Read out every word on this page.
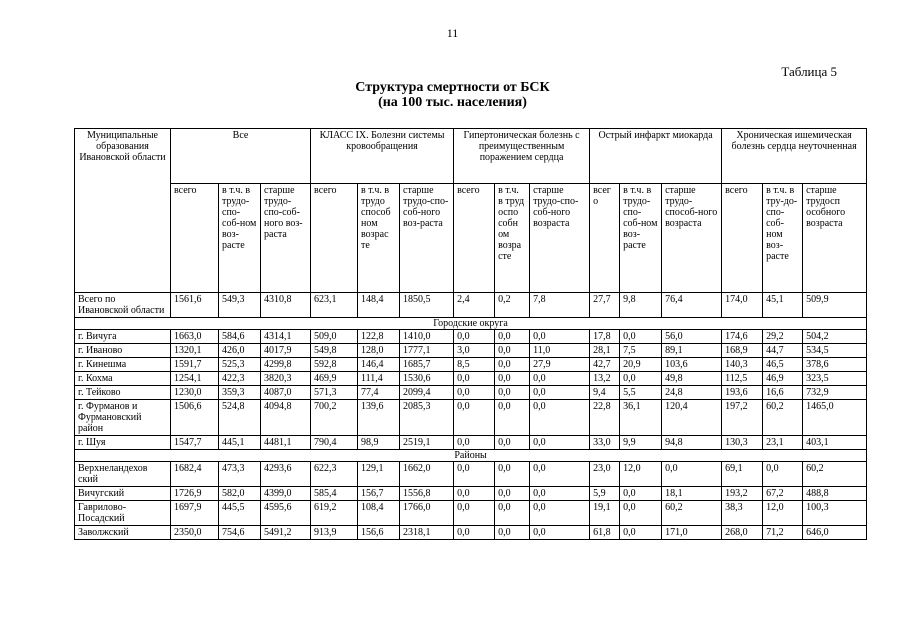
11
Таблица 5
Структура смертности от БСК
(на 100 тыс. населения)
Муниципальные образования Ивановской области	Все			КЛАСС IX. Болезни системы кровообращения			Гипертоническая болезнь с преимущественным поражением сердца			Острый инфаркт миокарда			Хроническая ишемическая болезнь сердца неуточненная		
	всего	в т.ч. в трудо-спо-соб-ном воз-расте	старше трудо-спо-соб-ного воз-раста	всего	в т.ч. в трудо способ ном возрас те	старше трудо-спо-соб-ного воз-раста	всего	в т.ч. в труд оспо собн ом возра сте	старше трудо-спо-соб-ного возраста	всег о	в т.ч. в трудо-спо-соб-ном воз-расте	старше трудо-способ-ного возраста	всего	в т.ч. в тру-до-спо-соб-ном воз-расте	старше трудосп особного возраста
Всего по Ивановской области	1561,6	549,3	4310,8	623,1	148,4	1850,5	2,4	0,2	7,8	27,7	9,8	76,4	174,0	45,1	509,9
Городские округа															
г. Вичуга	1663,0	584,6	4314,1	509,0	122,8	1410,0	0,0	0,0	0,0	17,8	0,0	56,0	174,6	29,2	504,2
г. Иваново	1320,1	426,0	4017,9	549,8	128,0	1777,1	3,0	0,0	11,0	28,1	7,5	89,1	168,9	44,7	534,5
г. Кинешма	1591,7	525,3	4299,8	592,8	146,4	1685,7	8,5	0,0	27,9	42,7	20,9	103,6	140,3	46,5	378,6
г. Кохма	1254,1	422,3	3820,3	469,9	111,4	1530,6	0,0	0,0	0,0	13,2	0,0	49,8	112,5	46,9	323,5
г. Тейково	1230,0	359,3	4087,0	571,3	77,4	2099,4	0,0	0,0	0,0	9,4	5,5	24,8	193,6	16,6	732,9
г. Фурманов и Фурмановский район	1506,6	524,8	4094,8	700,2	139,6	2085,3	0,0	0,0	0,0	22,8	36,1	120,4	197,2	60,2	1465,0
г. Шуя	1547,7	445,1	4481,1	790,4	98,9	2519,1	0,0	0,0	0,0	33,0	9,9	94,8	130,3	23,1	403,1
Районы															
Верхнеландехов ский	1682,4	473,3	4293,6	622,3	129,1	1662,0	0,0	0,0	0,0	23,0	12,0	0,0	69,1	0,0	60,2
Вичугский	1726,9	582,0	4399,0	585,4	156,7	1556,8	0,0	0,0	0,0	5,9	0,0	18,1	193,2	67,2	488,8
Гаврилово-Посадский	1697,9	445,5	4595,6	619,2	108,4	1766,0	0,0	0,0	0,0	19,1	0,0	60,2	38,3	12,0	100,3
Заволжский	2350,0	754,6	5491,2	913,9	156,6	2318,1	0,0	0,0	0,0	61,8	0,0	171,0	268,0	71,2	646,0
